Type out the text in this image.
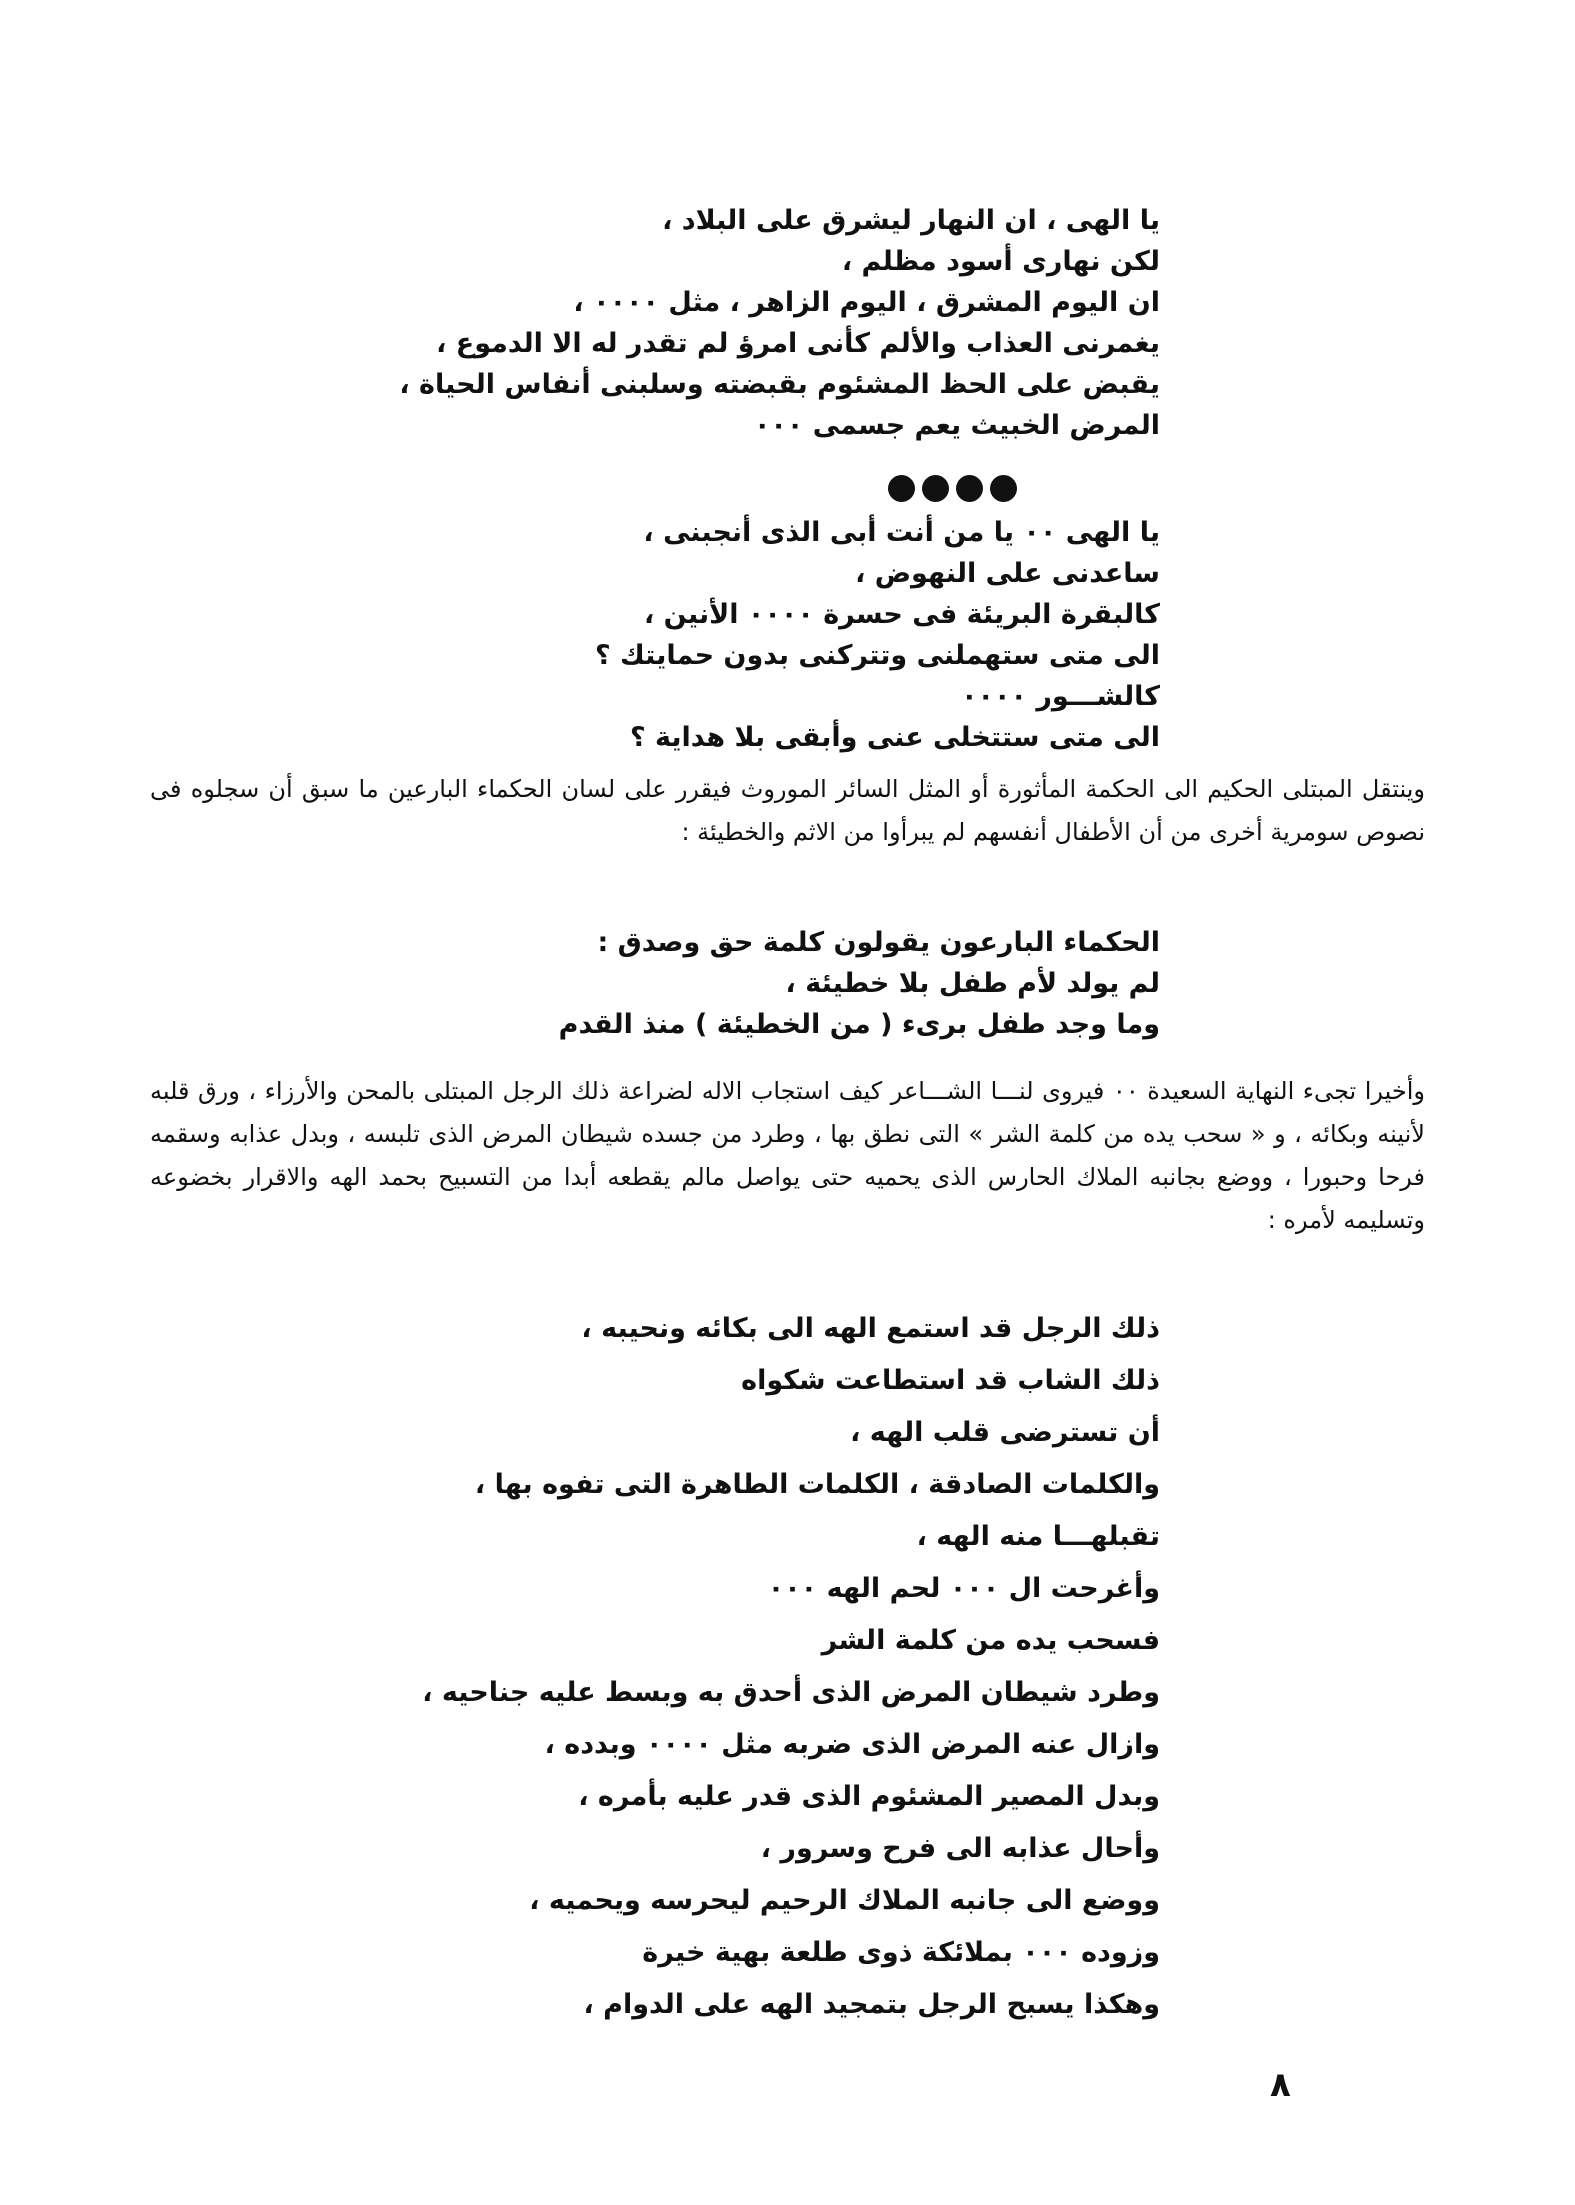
يا الهى ، ان النهار ليشرق على البلاد ،
لكن نهارى أسود مظلم ،
ان اليوم المشرق ، اليوم الزاهر ، مثل ٠٠٠٠ ،
يغمرنى العذاب والألم كأنى امرؤ لم تقدر له الا الدموع ،
يقبض على الحظ المشئوم بقبضته وسلبنى أنفاس الحياة ،
المرض الخبيث يعم جسمى ٠٠٠
يا الهى ٠٠ يا من أنت أبى الذى أنجبنى ،
ساعدنى على النهوض ،
كالبقرة البريئة فى حسرة ٠٠٠٠ الأنين ،
الى متى ستهملنى وتتركنى بدون حمايتك ؟
كالشـــور ٠٠٠٠
الى متى ستتخلى عنى وأبقى بلا هداية ؟
وينتقل المبتلى الحكيم الى الحكمة المأثورة أو المثل السائر الموروث فيقرر على لسان الحكماء البارعين ما سبق أن سجلوه فى نصوص سومرية أخرى من أن الأطفال أنفسهم لم يبرأوا من الاثم والخطيئة :
الحكماء البارعون يقولون كلمة حق وصدق :
لم يولد لأم طفل بلا خطيئة ،
وما وجد طفل برىء ( من الخطيئة ) منذ القدم
وأخيرا تجىء النهاية السعيدة ٠٠ فيروى لنـــا الشـــاعر كيف استجاب الاله لضراعة ذلك الرجل المبتلى بالمحن والأرزاء ، ورق قلبه لأنينه وبكائه ، و « سحب يده من كلمة الشر » التى نطق بها ، وطرد من جسده شيطان المرض الذى تلبسه ، وبدل عذابه وسقمه فرحا وحبورا ، ووضع بجانبه الملاك الحارس الذى يحميه حتى يواصل مالم يقطعه أبدا من التسبيح بحمد الهه والاقرار بخضوعه وتسليمه لأمره :
ذلك الرجل قد استمع الهه الى بكائه ونحيبه ،
ذلك الشاب قد استطاعت شكواه
أن تسترضى قلب الهه ،
والكلمات الصادقة ، الكلمات الطاهرة التى تفوه بها ،
تقبلهـــا منه الهه ،
وأغرحت ال ٠٠٠ لحم الهه ٠٠٠
فسحب يده من كلمة الشر
وطرد شيطان المرض الذى أحدق به وبسط عليه جناحيه ،
وازال عنه المرض الذى ضربه مثل ٠٠٠٠ وبدده ،
وبدل المصير المشئوم الذى قدر عليه بأمره ،
وأحال عذابه الى فرح وسرور ،
ووضع الى جانبه الملاك الرحيم ليحرسه ويحميه ،
وزوده ٠٠٠ بملائكة ذوى طلعة بهية خيرة
وهكذا يسبح الرجل بتمجيد الهه على الدوام ،
٨
